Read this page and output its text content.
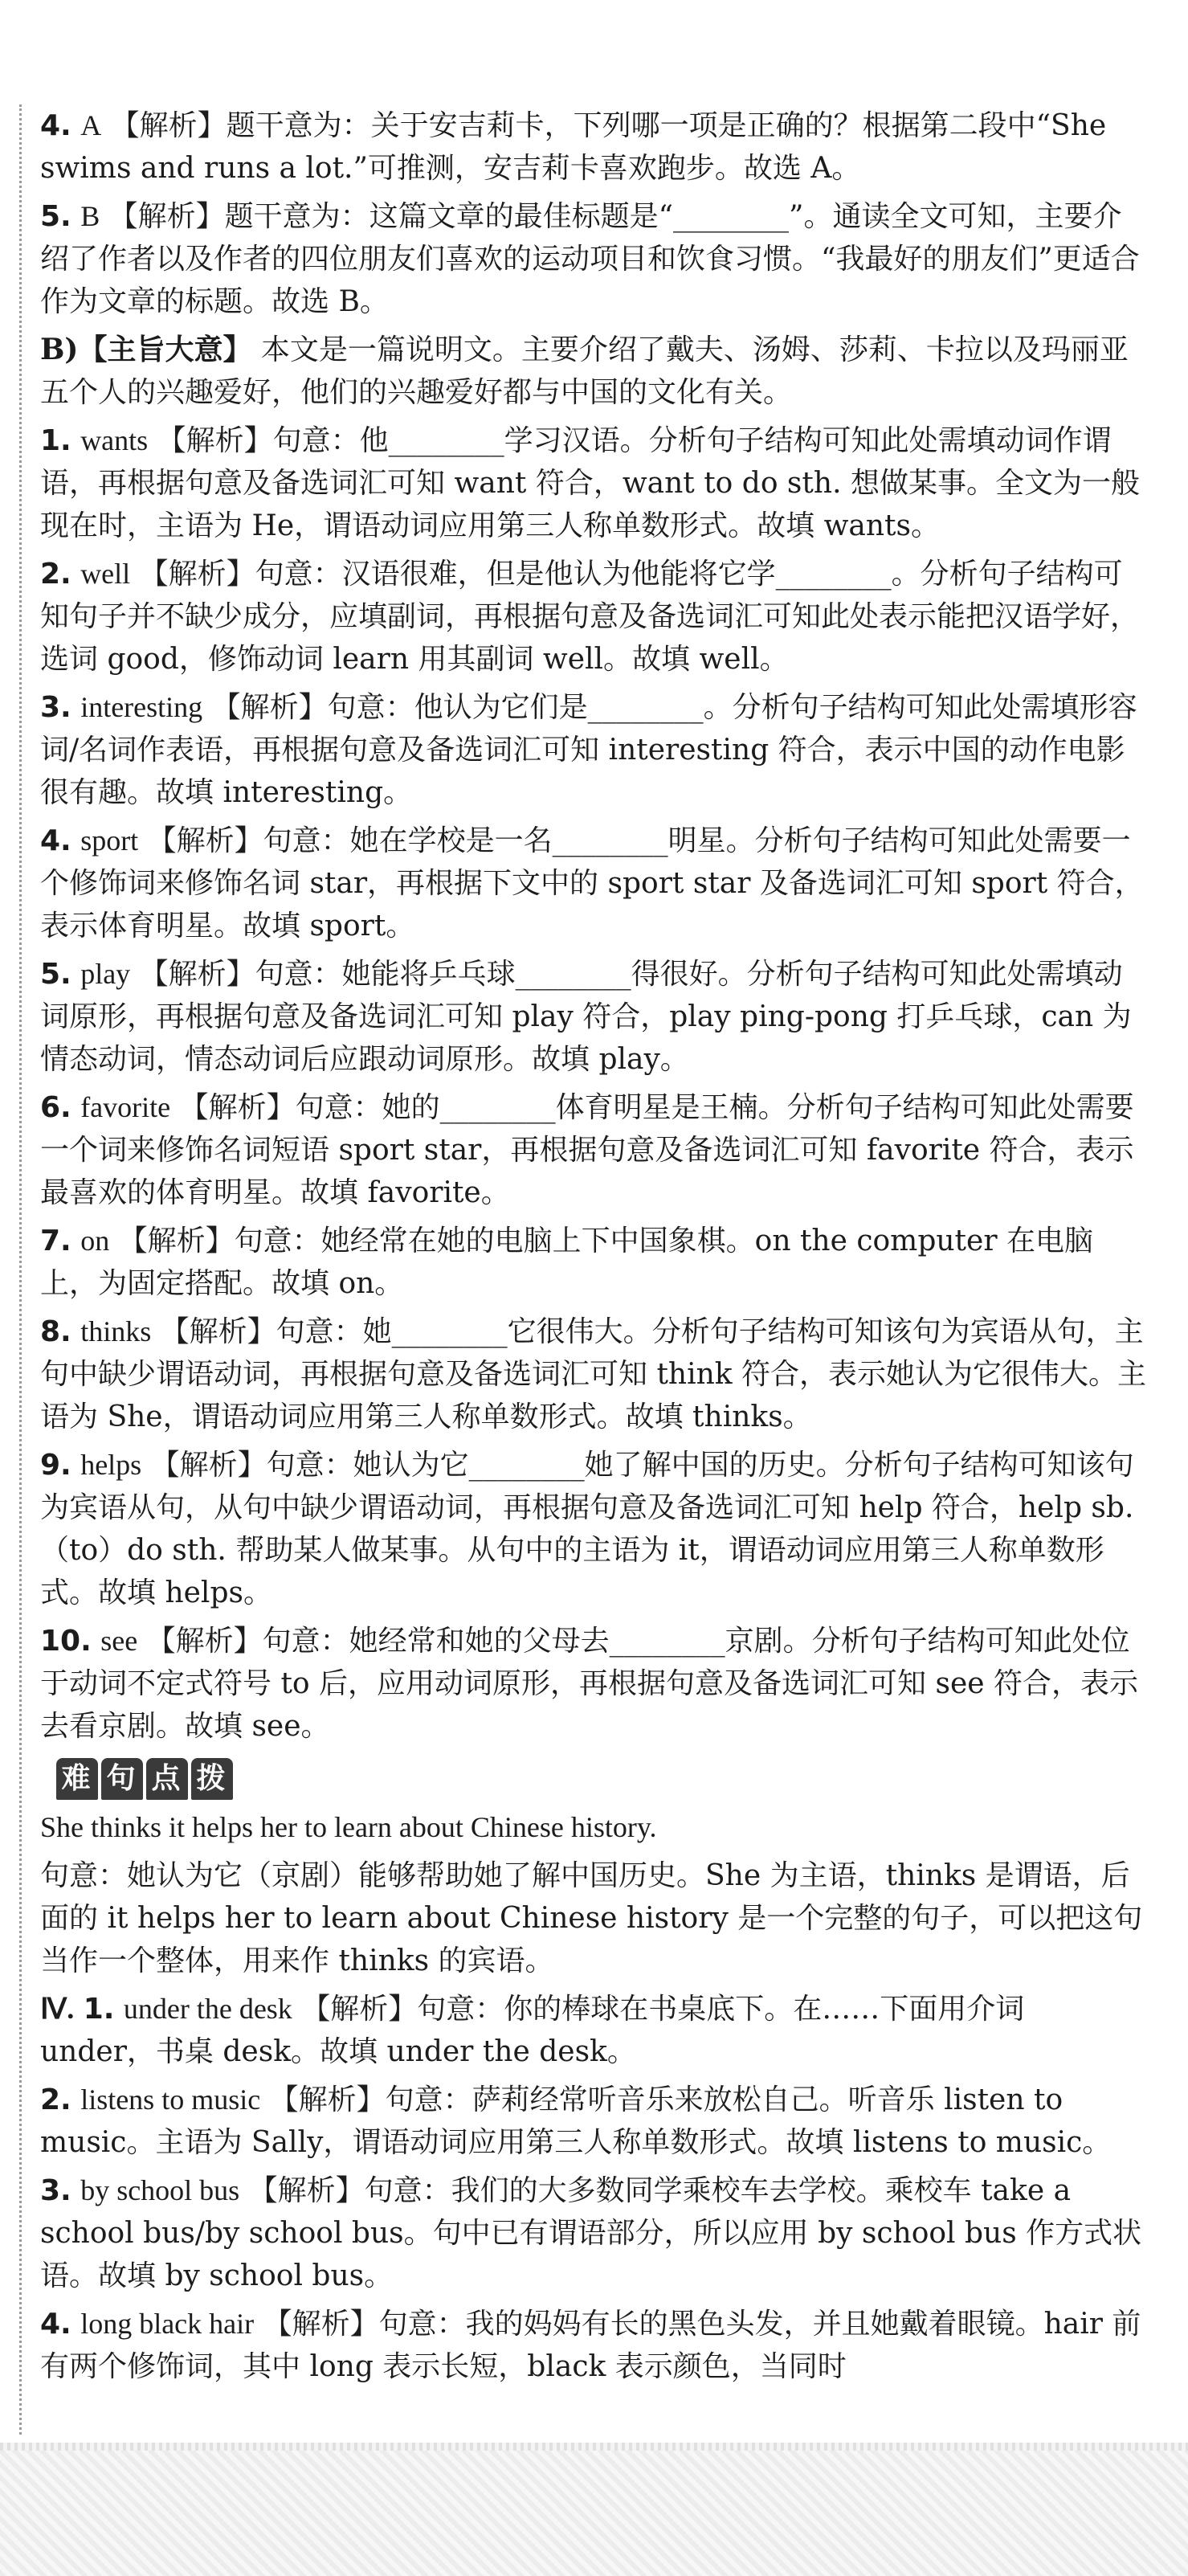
4. A 【解析】题干意为：关于安吉莉卡，下列哪一项是正确的？根据第二段中“She swims and runs a lot.”可推测，安吉莉卡喜欢跑步。故选 A。
5. B 【解析】题干意为：这篇文章的最佳标题是“________”。通读全文可知，主要介绍了作者以及作者的四位朋友们喜欢的运动项目和饮食习惯。“我最好的朋友们”更适合作为文章的标题。故选 B。
B)【主旨大意】 本文是一篇说明文。主要介绍了戴夫、汤姆、莎莉、卡拉以及玛丽亚五个人的兴趣爱好，他们的兴趣爱好都与中国的文化有关。
1. wants 【解析】句意：他________学习汉语。分析句子结构可知此处需填动词作谓语，再根据句意及备选词汇可知 want 符合，want to do sth. 想做某事。全文为一般现在时，主语为 He，谓语动词应用第三人称单数形式。故填 wants。
2. well 【解析】句意：汉语很难，但是他认为他能将它学________。分析句子结构可知句子并不缺少成分，应填副词，再根据句意及备选词汇可知此处表示能把汉语学好，选词 good，修饰动词 learn 用其副词 well。故填 well。
3. interesting 【解析】句意：他认为它们是________。分析句子结构可知此处需填形容词/名词作表语，再根据句意及备选词汇可知 interesting 符合，表示中国的动作电影很有趣。故填 interesting。
4. sport 【解析】句意：她在学校是一名________明星。分析句子结构可知此处需要一个修饰词来修饰名词 star，再根据下文中的 sport star 及备选词汇可知 sport 符合，表示体育明星。故填 sport。
5. play 【解析】句意：她能将乒乓球________得很好。分析句子结构可知此处需填动词原形，再根据句意及备选词汇可知 play 符合，play ping-pong 打乒乓球，can 为情态动词，情态动词后应跟动词原形。故填 play。
6. favorite 【解析】句意：她的________体育明星是王楠。分析句子结构可知此处需要一个词来修饰名词短语 sport star，再根据句意及备选词汇可知 favorite 符合，表示最喜欢的体育明星。故填 favorite。
7. on 【解析】句意：她经常在她的电脑上下中国象棋。on the computer 在电脑上，为固定搭配。故填 on。
8. thinks 【解析】句意：她________它很伟大。分析句子结构可知该句为宾语从句，主句中缺少谓语动词，再根据句意及备选词汇可知 think 符合，表示她认为它很伟大。主语为 She，谓语动词应用第三人称单数形式。故填 thinks。
9. helps 【解析】句意：她认为它________她了解中国的历史。分析句子结构可知该句为宾语从句，从句中缺少谓语动词，再根据句意及备选词汇可知 help 符合，help sb.（to）do sth. 帮助某人做某事。从句中的主语为 it，谓语动词应用第三人称单数形式。故填 helps。
10. see 【解析】句意：她经常和她的父母去________京剧。分析句子结构可知此处位于动词不定式符号 to 后，应用动词原形，再根据句意及备选词汇可知 see 符合，表示去看京剧。故填 see。
难 句 点 拨
She thinks it helps her to learn about Chinese history.
句意：她认为它（京剧）能够帮助她了解中国历史。She 为主语，thinks 是谓语，后面的 it helps her to learn about Chinese history 是一个完整的句子，可以把这句当作一个整体，用来作 thinks 的宾语。
Ⅳ. 1. under the desk 【解析】句意：你的棒球在书桌底下。在……下面用介词 under，书桌 desk。故填 under the desk。
2. listens to music 【解析】句意：萨莉经常听音乐来放松自己。听音乐 listen to music。主语为 Sally，谓语动词应用第三人称单数形式。故填 listens to music。
3. by school bus 【解析】句意：我们的大多数同学乘校车去学校。乘校车 take a school bus/by school bus。句中已有谓语部分，所以应用 by school bus 作方式状语。故填 by school bus。
4. long black hair 【解析】句意：我的妈妈有长的黑色头发，并且她戴着眼镜。hair 前有两个修饰词，其中 long 表示长短，black 表示颜色，当同时
